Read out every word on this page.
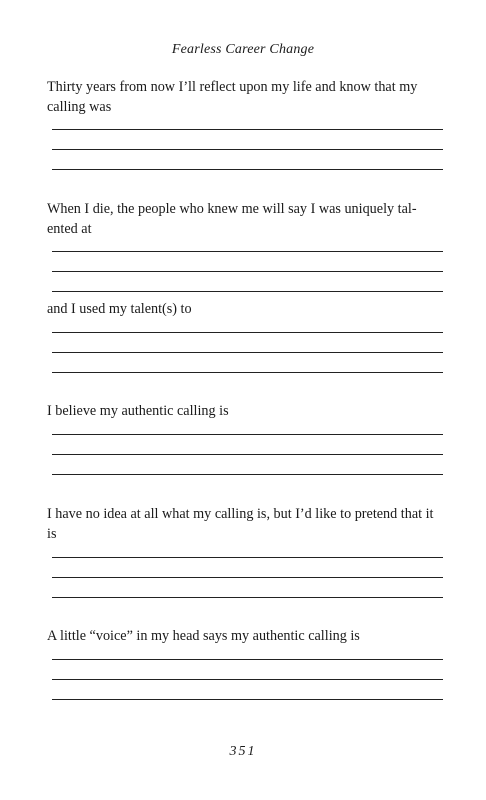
Fearless Career Change

Thirty years from now I’ll reflect upon my life and know that my calling was

When I die, the people who knew me will say I was uniquely tal-ented at

and I used my talent(s) to

I believe my authentic calling is

I have no idea at all what my calling is, but I’d like to pretend that it is

A little “voice” in my head says my authentic calling is

351
